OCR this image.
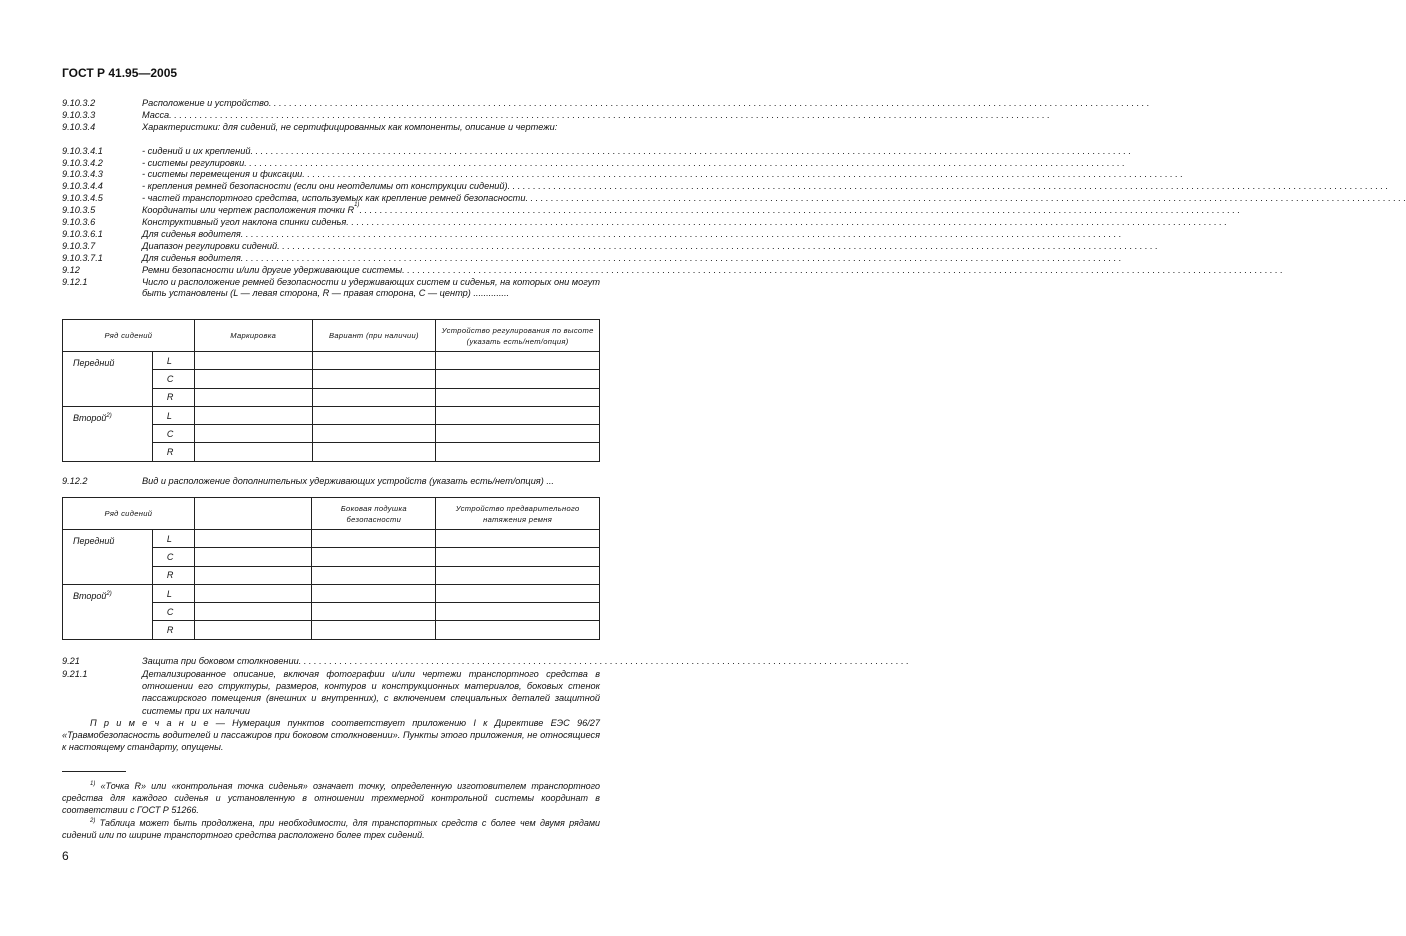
ГОСТ Р 41.95—2005
9.10.3.2	Расположение и устройство
. . .
9.10.3.3	Масса
. . .
9.10.3.4	Характеристики: для сидений, не сертифицированных как компоненты, описание и чертежи:
9.10.3.4.1	- сидений и их креплений
. . .
9.10.3.4.2	- системы регулировки
. . .
9.10.3.4.3	- системы перемещения и фиксации
. . .
9.10.3.4.4	- крепления ремней безопасности (если они неотделимы от конструкции сидений)
. . .
9.10.3.4.5	- частей транспортного средства, используемых как крепление ремней безопасности
. . .
9.10.3.5	Координаты или чертеж расположения точки R 1)
. . .
9.10.3.6	Конструктивный угол наклона спинки сиденья
. . .
9.10.3.6.1	Для сиденья водителя
. . .
9.10.3.7	Диапазон регулировки сидений
. . .
9.10.3.7.1	Для сиденья водителя
. . .
9.12	Ремни безопасности и/или другие удерживающие системы
. . .
9.12.1	Число и расположение ремней безопасности и удерживающих систем и сиденья, на которых они могут быть установлены (L — левая сторона, R — правая сторона, C — центр) ..............
Ряд сидений		Маркировка	Вариант (при наличии)	Устройство регулирования по высоте (указать есть/нет/опция)
Передний	L			
	C			
	R			
Второй$^{2)}$	L			
	C			
	R			
9.12.2	Вид и расположение дополнительных удерживающих устройств (указать есть/нет/опция) ...
Ряд сидений			Боковая подушка безопасности	Устройство предварительного натяжения ремня
Передний	L			
	C			
	R			
Второй$^{2)}$	L			
	C			
	R			
9.21	Защита при боковом столкновении . . . . . . . . . . . . . . . . . . . . . . . . . . . . . . . . . . . . . . . . . . . . . . . . . . . . . . . . . . . . . . . . . . . . . . . . . . . . . . . . . . . . . . . . . . . . . . . . . . . . . . . . . . . . . . . . . . . . . . . .
9.21.1	Детализированное описание, включая фотографии и/или чертежи транспортного средства в отношении его структуры, размеров, контуров и конструкционных материалов, боковых стенок пассажирского помещения (внешних и внутренних), с включением специальных деталей защитной системы при их наличии
П р и м е ч а н и е — Нумерация пунктов соответствует приложению I к Директиве ЕЭС 96/27 «Травмобезопасность водителей и пассажиров при боковом столкновении». Пункты этого приложения, не относящиеся к настоящему стандарту, опущены.
$^{1)}$ «Точка R» или «контрольная точка сиденья» означает точку, определенную изготовителем транспортного средства для каждого сиденья и установленную в отношении трехмерной контрольной системы координат в соответствии с ГОСТ Р 51266.
$^{2)}$ Таблица может быть продолжена, при необходимости, для транспортных средств с более чем двумя рядами сидений или по ширине транспортного средства расположено более трех сидений.
6
